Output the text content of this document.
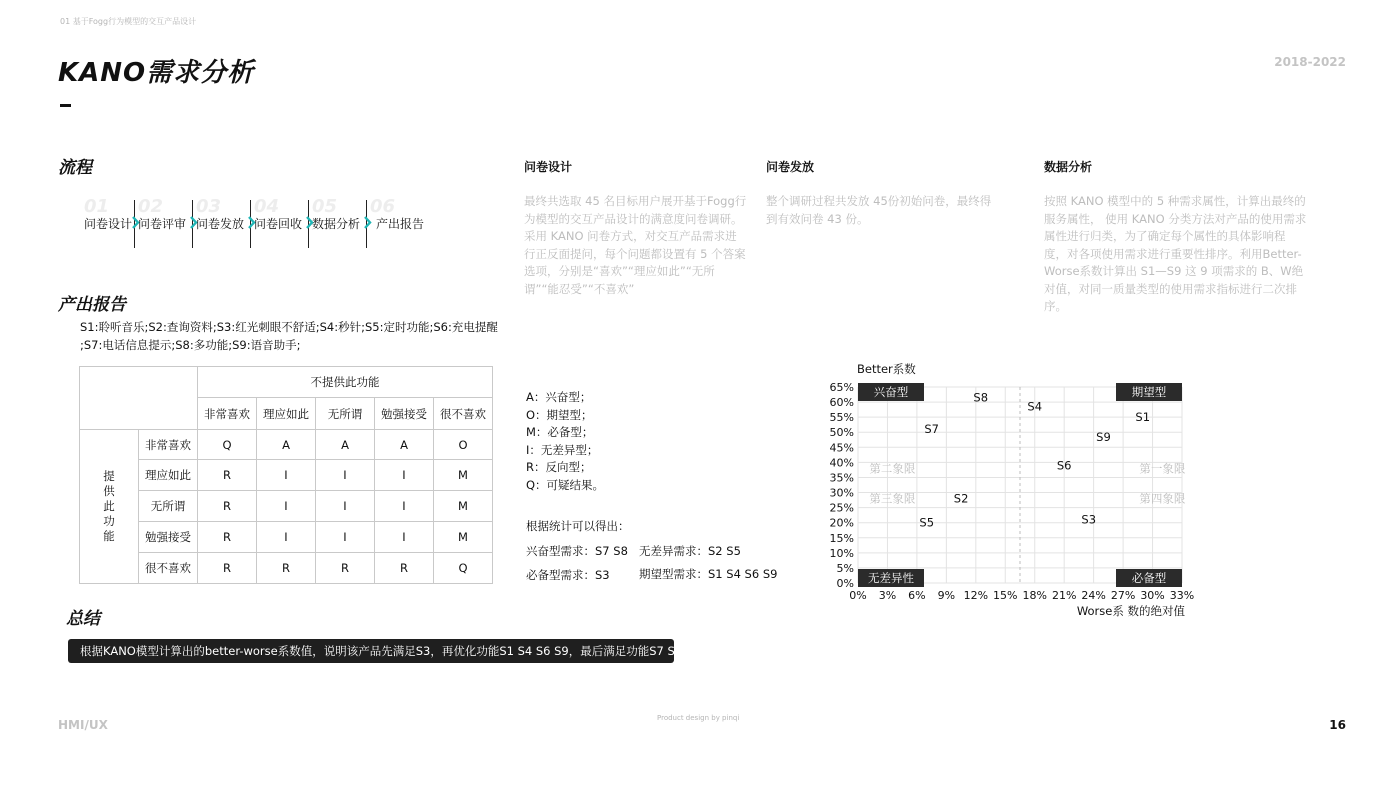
01 基于Fogg行为模型的交互产品设计
KANO需求分析	2018-2022
流程
01
问卷设计
02
问卷评审
03
问卷发放
04
问卷回收
05
数据分析
06
产出报告
问卷设计
最终共选取 45 名目标用户展开基于Fogg行为模型的交互产品设计的满意度问卷调研。采用 KANO 问卷方式，对交互产品需求进行正反面提问，每个问题都设置有 5 个答案选项，分别是“喜欢”“理应如此”“无所谓”“能忍受”“不喜欢”
问卷发放
整个调研过程共发放 45份初始问卷，最终得到有效问卷 43 份。
数据分析
按照 KANO 模型中的 5 种需求属性，计算出最终的服务属性， 使用 KANO 分类方法对产品的使用需求属性进行归类，为了确定每个属性的具体影响程度，对各项使用需求进行重要性排序。利用Better-Worse系数计算出 S1—S9 这 9 项需求的 B、W绝对值，对同一质量类型的使用需求指标进行二次排序。
产出报告
S1:聆听音乐;S2:查询资料;S3:红光刺眼不舒适;S4:秒针;S5:定时功能;S6:充电提醒
;S7:电话信息提示;S8:多功能;S9:语音助手;
		不提供此功能				
		非常喜欢	理应如此	无所谓	勉强接受	很不喜欢

提供此功能	非常喜欢	Q	A	A	A	O
	理应如此	R	I	I	I	M
	无所谓	R	I	I	I	M
	勉强接受	R	I	I	I	M
	很不喜欢	R	R	R	R	Q
A：兴奋型；
O：期望型；
M：必备型；
I：无差异型；
R：反向型；
Q：可疑结果。
根据统计可以得出：
兴奋型需求：S7 S8 无差异需求：S2 S5
必备型需求：S3	期望型需求：S1 S4 S6 S9
0%
5%
10%
15%
20%
25%
30%
35%
40%
45%
50%
55%
60%
65%
0% 3% 6% 9% 12% 15% 18% 21% 24% 27% 30% 33%
Better系数
Worse系 数的绝对值
兴奋型	期望型
无差异性	必备型
第二象限	第一象限
第三象限	第四象限
S1
S2
S3
S4
S5
S6
S7
S8
S9
总结
根据KANO模型计算出的better-worse系数值，说明该产品先满足S3，再优化功能S1 S4 S6 S9，最后满足功能S7 S8。
HMI/UX	Product design by pinqi	16
